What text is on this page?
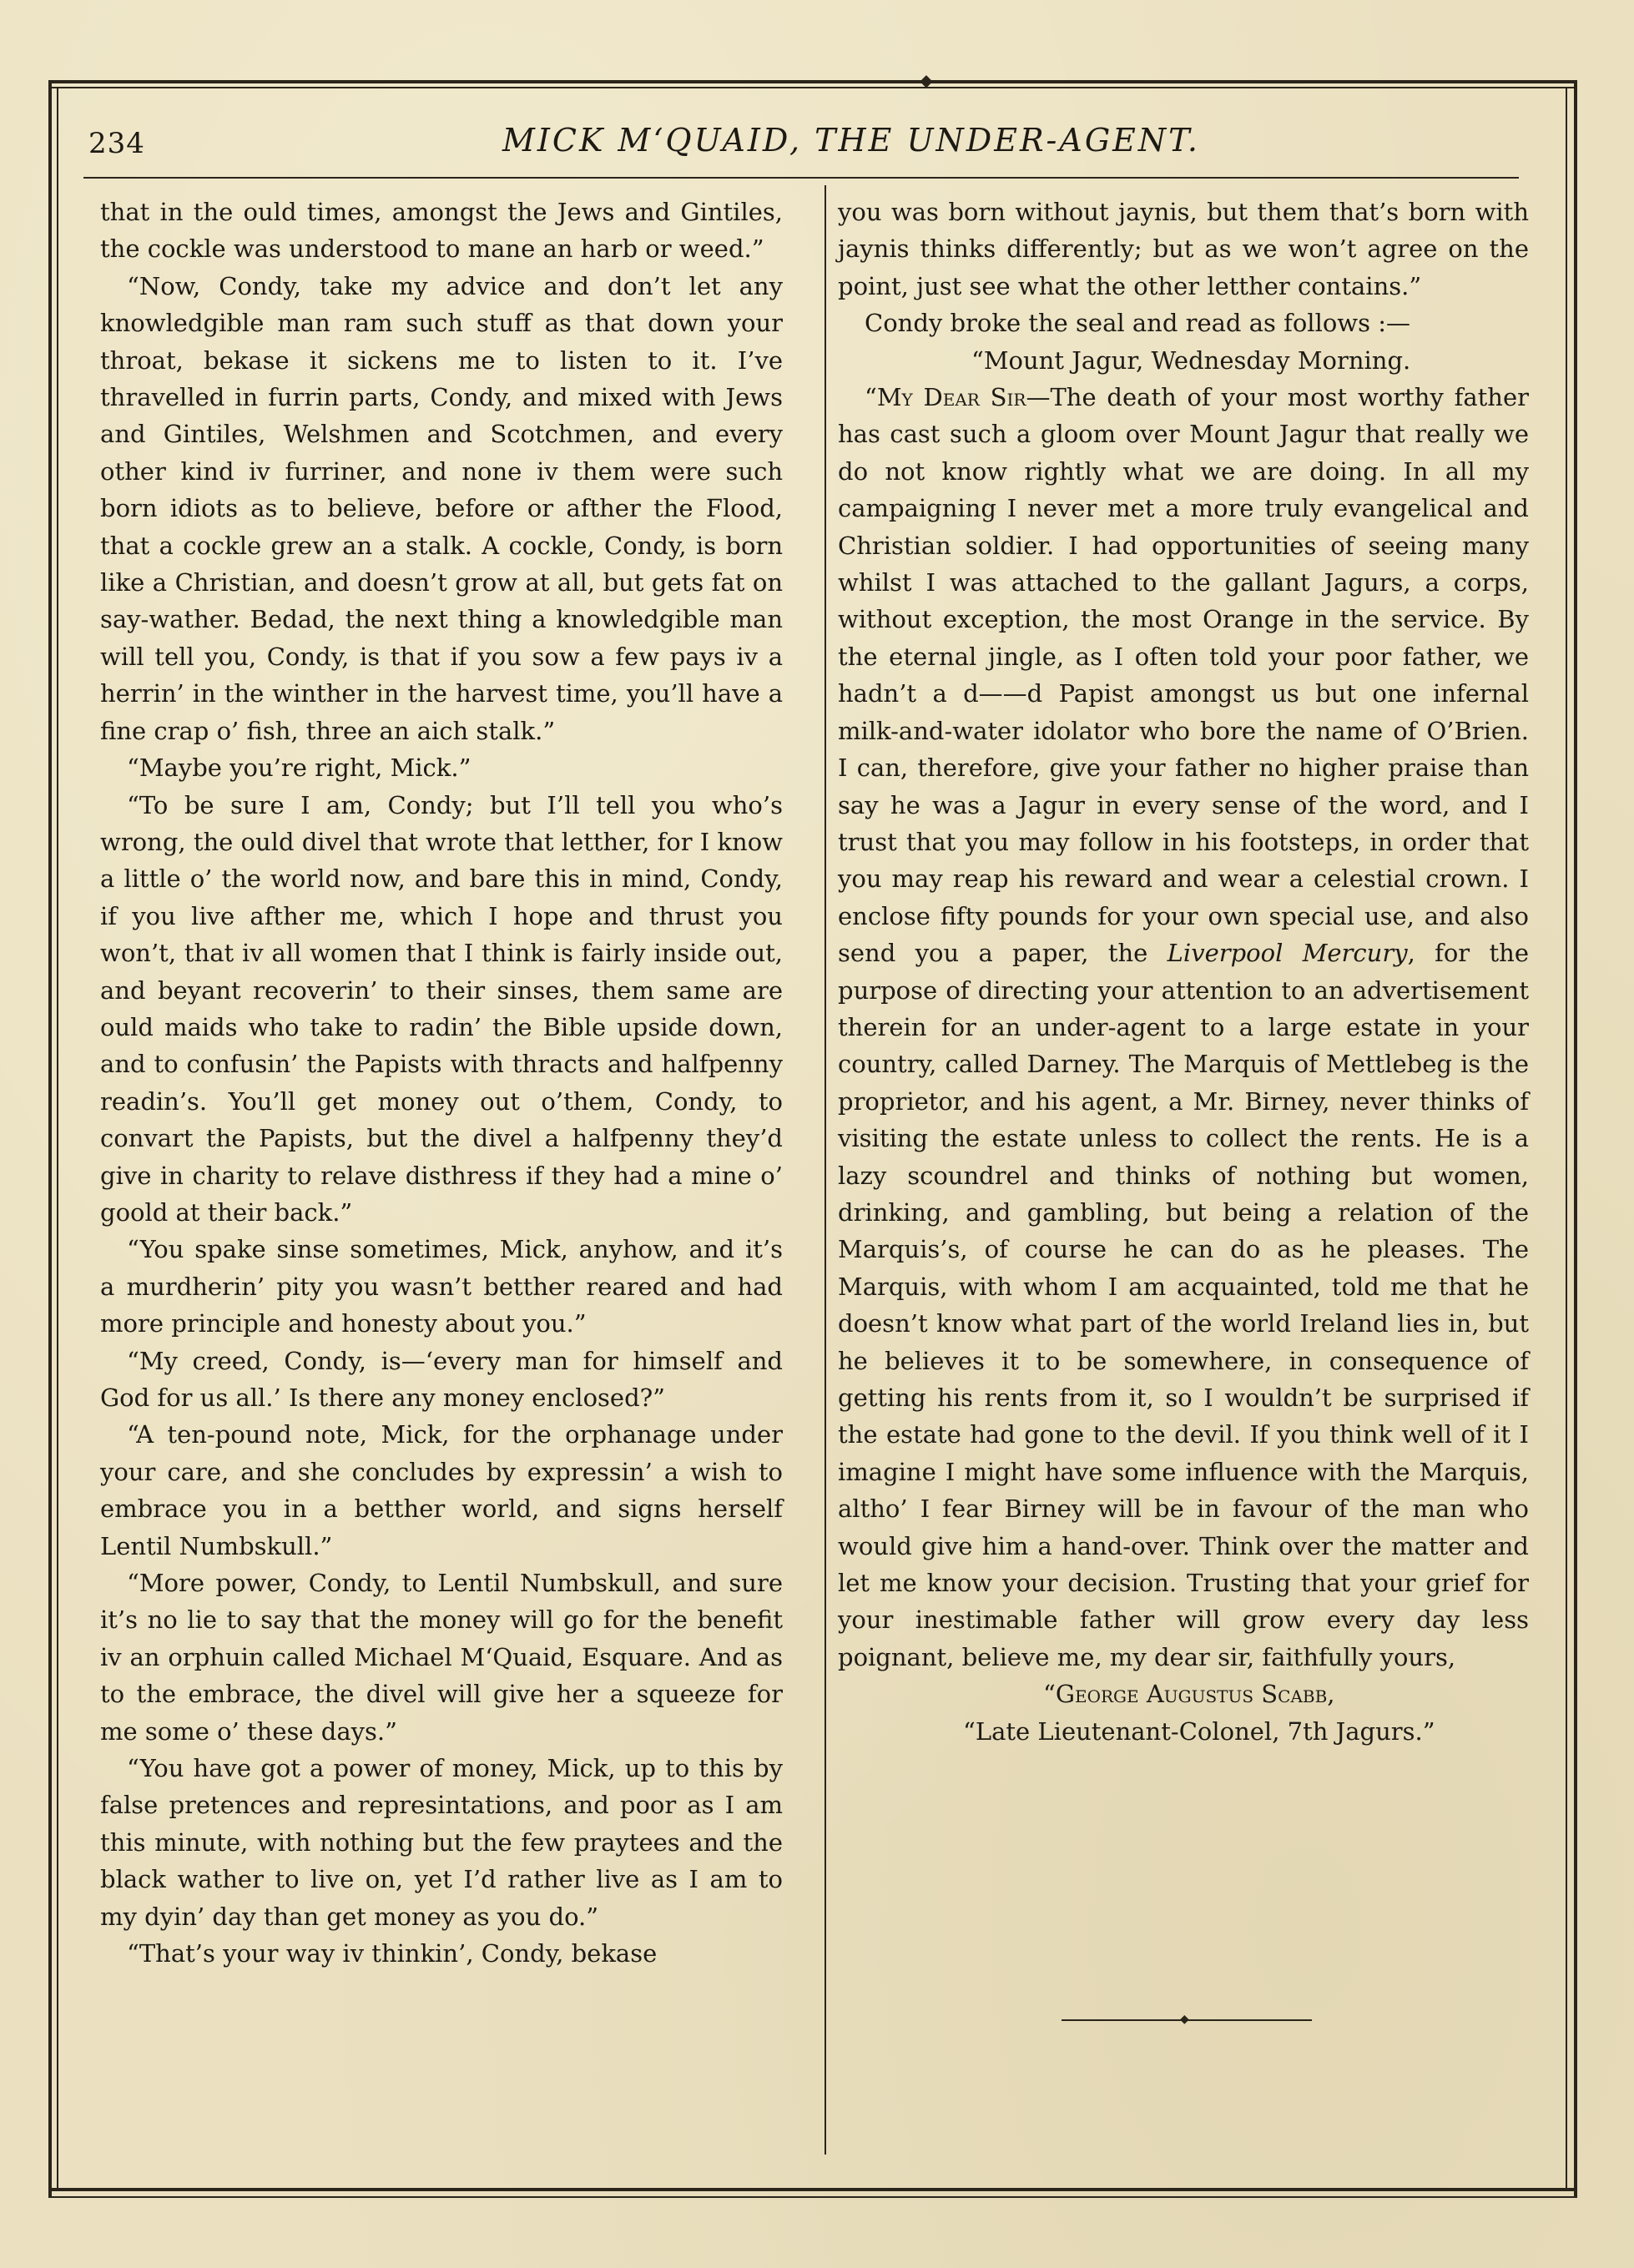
◆
234	MICK M‘QUAID, THE UNDER-AGENT.

that in the ould times, amongst the Jews and Gintiles, the cockle was understood to mane an harb or weed.”

“Now, Condy, take my advice and don’t let any knowledgible man ram such stuff as that down your throat, bekase it sickens me to listen to it. I’ve thravelled in furrin parts, Condy, and mixed with Jews and Gintiles, Welshmen and Scotchmen, and every other kind iv furriner, and none iv them were such born idiots as to believe, before or afther the Flood, that a cockle grew an a stalk. A cockle, Condy, is born like a Christian, and doesn’t grow at all, but gets fat on say-wather. Bedad, the next thing a knowledgible man will tell you, Condy, is that if you sow a few pays iv a herrin’ in the winther in the harvest time, you’ll have a fine crap o’ fish, three an aich stalk.”

“Maybe you’re right, Mick.”

“To be sure I am, Condy; but I’ll tell you who’s wrong, the ould divel that wrote that letther, for I know a little o’ the world now, and bare this in mind, Condy, if you live afther me, which I hope and thrust you won’t, that iv all women that I think is fairly inside out, and beyant recoverin’ to their sinses, them same are ould maids who take to radin’ the Bible upside down, and to confusin’ the Papists with thracts and halfpenny readin’s. You’ll get money out o’them, Condy, to convart the Papists, but the divel a halfpenny they’d give in charity to relave disthress if they had a mine o’ goold at their back.”

“You spake sinse sometimes, Mick, anyhow, and it’s a murdherin’ pity you wasn’t betther reared and had more principle and honesty about you.”

“My creed, Condy, is—‘every man for himself and God for us all.’ Is there any money enclosed?”

“A ten-pound note, Mick, for the orphanage under your care, and she concludes by expressin’ a wish to embrace you in a betther world, and signs herself Lentil Numbskull.”

“More power, Condy, to Lentil Numbskull, and sure it’s no lie to say that the money will go for the benefit iv an orphuin called Michael M‘Quaid, Esquare. And as to the embrace, the divel will give her a squeeze for me some o’ these days.”

“You have got a power of money, Mick, up to this by false pretences and represintations, and poor as I am this minute, with nothing but the few praytees and the black wather to live on, yet I’d rather live as I am to my dyin’ day than get money as you do.”

“That’s your way iv thinkin’, Condy, bekase

you was born without jaynis, but them that’s born with jaynis thinks differently; but as we won’t agree on the point, just see what the other letther contains.”

Condy broke the seal and read as follows :—

“Mount Jagur, Wednesday Morning.

“My Dear Sir—The death of your most worthy father has cast such a gloom over Mount Jagur that really we do not know rightly what we are doing. In all my campaigning I never met a more truly evangelical and Christian soldier. I had opportunities of seeing many whilst I was attached to the gallant Jagurs, a corps, without exception, the most Orange in the service. By the eternal jingle, as I often told your poor father, we hadn’t a d——d Papist amongst us but one infernal milk-and-water idolator who bore the name of O’Brien. I can, therefore, give your father no higher praise than say he was a Jagur in every sense of the word, and I trust that you may follow in his footsteps, in order that you may reap his reward and wear a celestial crown. I enclose fifty pounds for your own special use, and also send you a paper, the Liverpool Mercury, for the purpose of directing your attention to an advertisement therein for an under-agent to a large estate in your country, called Darney. The Marquis of Mettlebeg is the proprietor, and his agent, a Mr. Birney, never thinks of visiting the estate unless to collect the rents. He is a lazy scoundrel and thinks of nothing but women, drinking, and gambling, but being a relation of the Marquis’s, of course he can do as he pleases. The Marquis, with whom I am acquainted, told me that he doesn’t know what part of the world Ireland lies in, but he believes it to be somewhere, in consequence of getting his rents from it, so I wouldn’t be surprised if the estate had gone to the devil. If you think well of it I imagine I might have some influence with the Marquis, altho’ I fear Birney will be in favour of the man who would give him a hand-over. Think over the matter and let me know your decision. Trusting that your grief for your inestimable father will grow every day less poignant, believe me, my dear sir, faithfully yours,

“George Augustus Scabb,

“Late Lieutenant-Colonel, 7th Jagurs.”

◆
